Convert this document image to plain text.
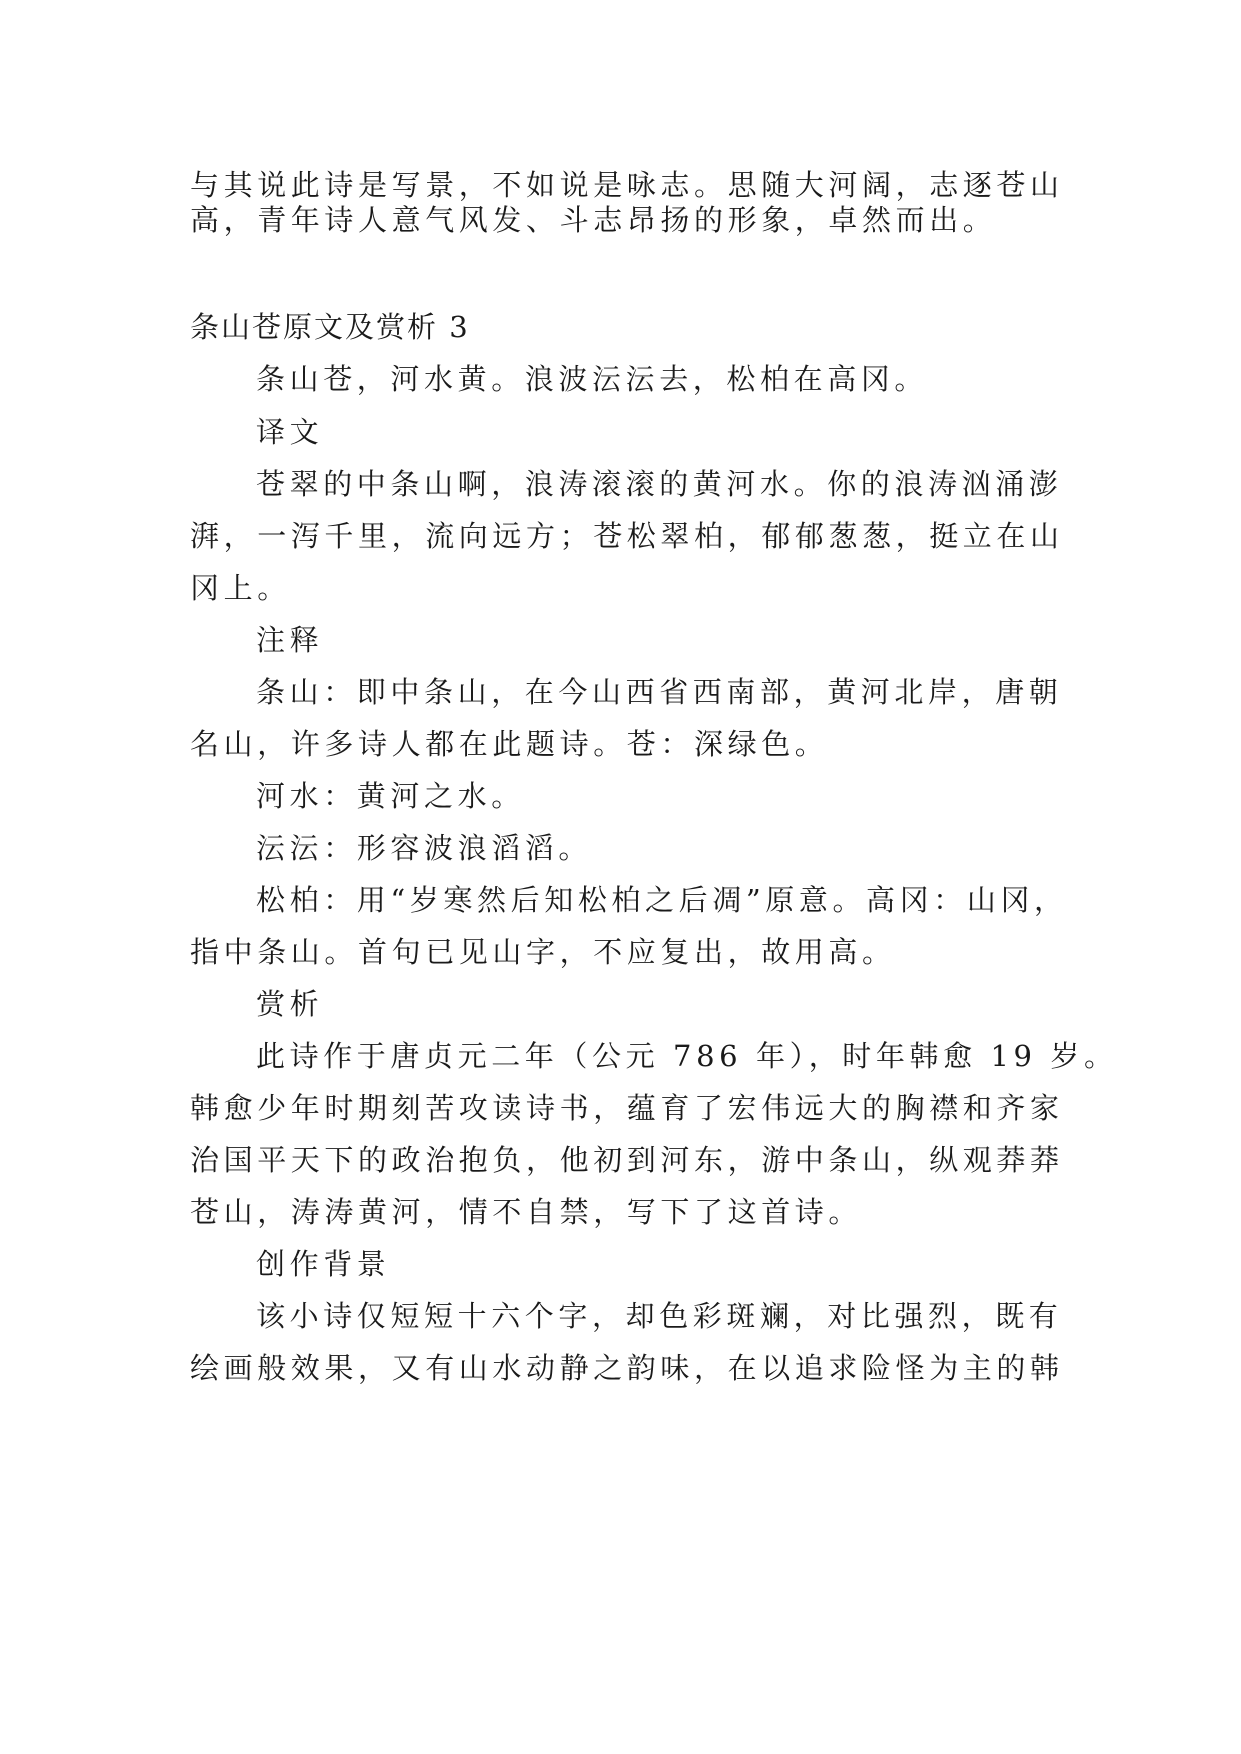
与其说此诗是写景，不如说是咏志。思随大河阔，志逐苍山

高，青年诗人意气风发、斗志昂扬的形象，卓然而出。

条山苍原文及赏析 3

条山苍，河水黄。浪波沄沄去，松柏在高冈。

译文

苍翠的中条山啊，浪涛滚滚的黄河水。你的浪涛汹涌澎

湃，一泻千里，流向远方；苍松翠柏，郁郁葱葱，挺立在山

冈上。

注释

条山：即中条山，在今山西省西南部，黄河北岸，唐朝

名山，许多诗人都在此题诗。苍：深绿色。

河水：黄河之水。

沄沄：形容波浪滔滔。

松柏：用“岁寒然后知松柏之后凋”原意。高冈：山冈，

指中条山。首句已见山字，不应复出，故用高。

赏析

此诗作于唐贞元二年（公元 786 年），时年韩愈 19 岁。

韩愈少年时期刻苦攻读诗书，蕴育了宏伟远大的胸襟和齐家

治国平天下的政治抱负，他初到河东，游中条山，纵观莽莽

苍山，涛涛黄河，情不自禁，写下了这首诗。

创作背景

该小诗仅短短十六个字，却色彩斑斓，对比强烈，既有

绘画般效果，又有山水动静之韵味，在以追求险怪为主的韩
